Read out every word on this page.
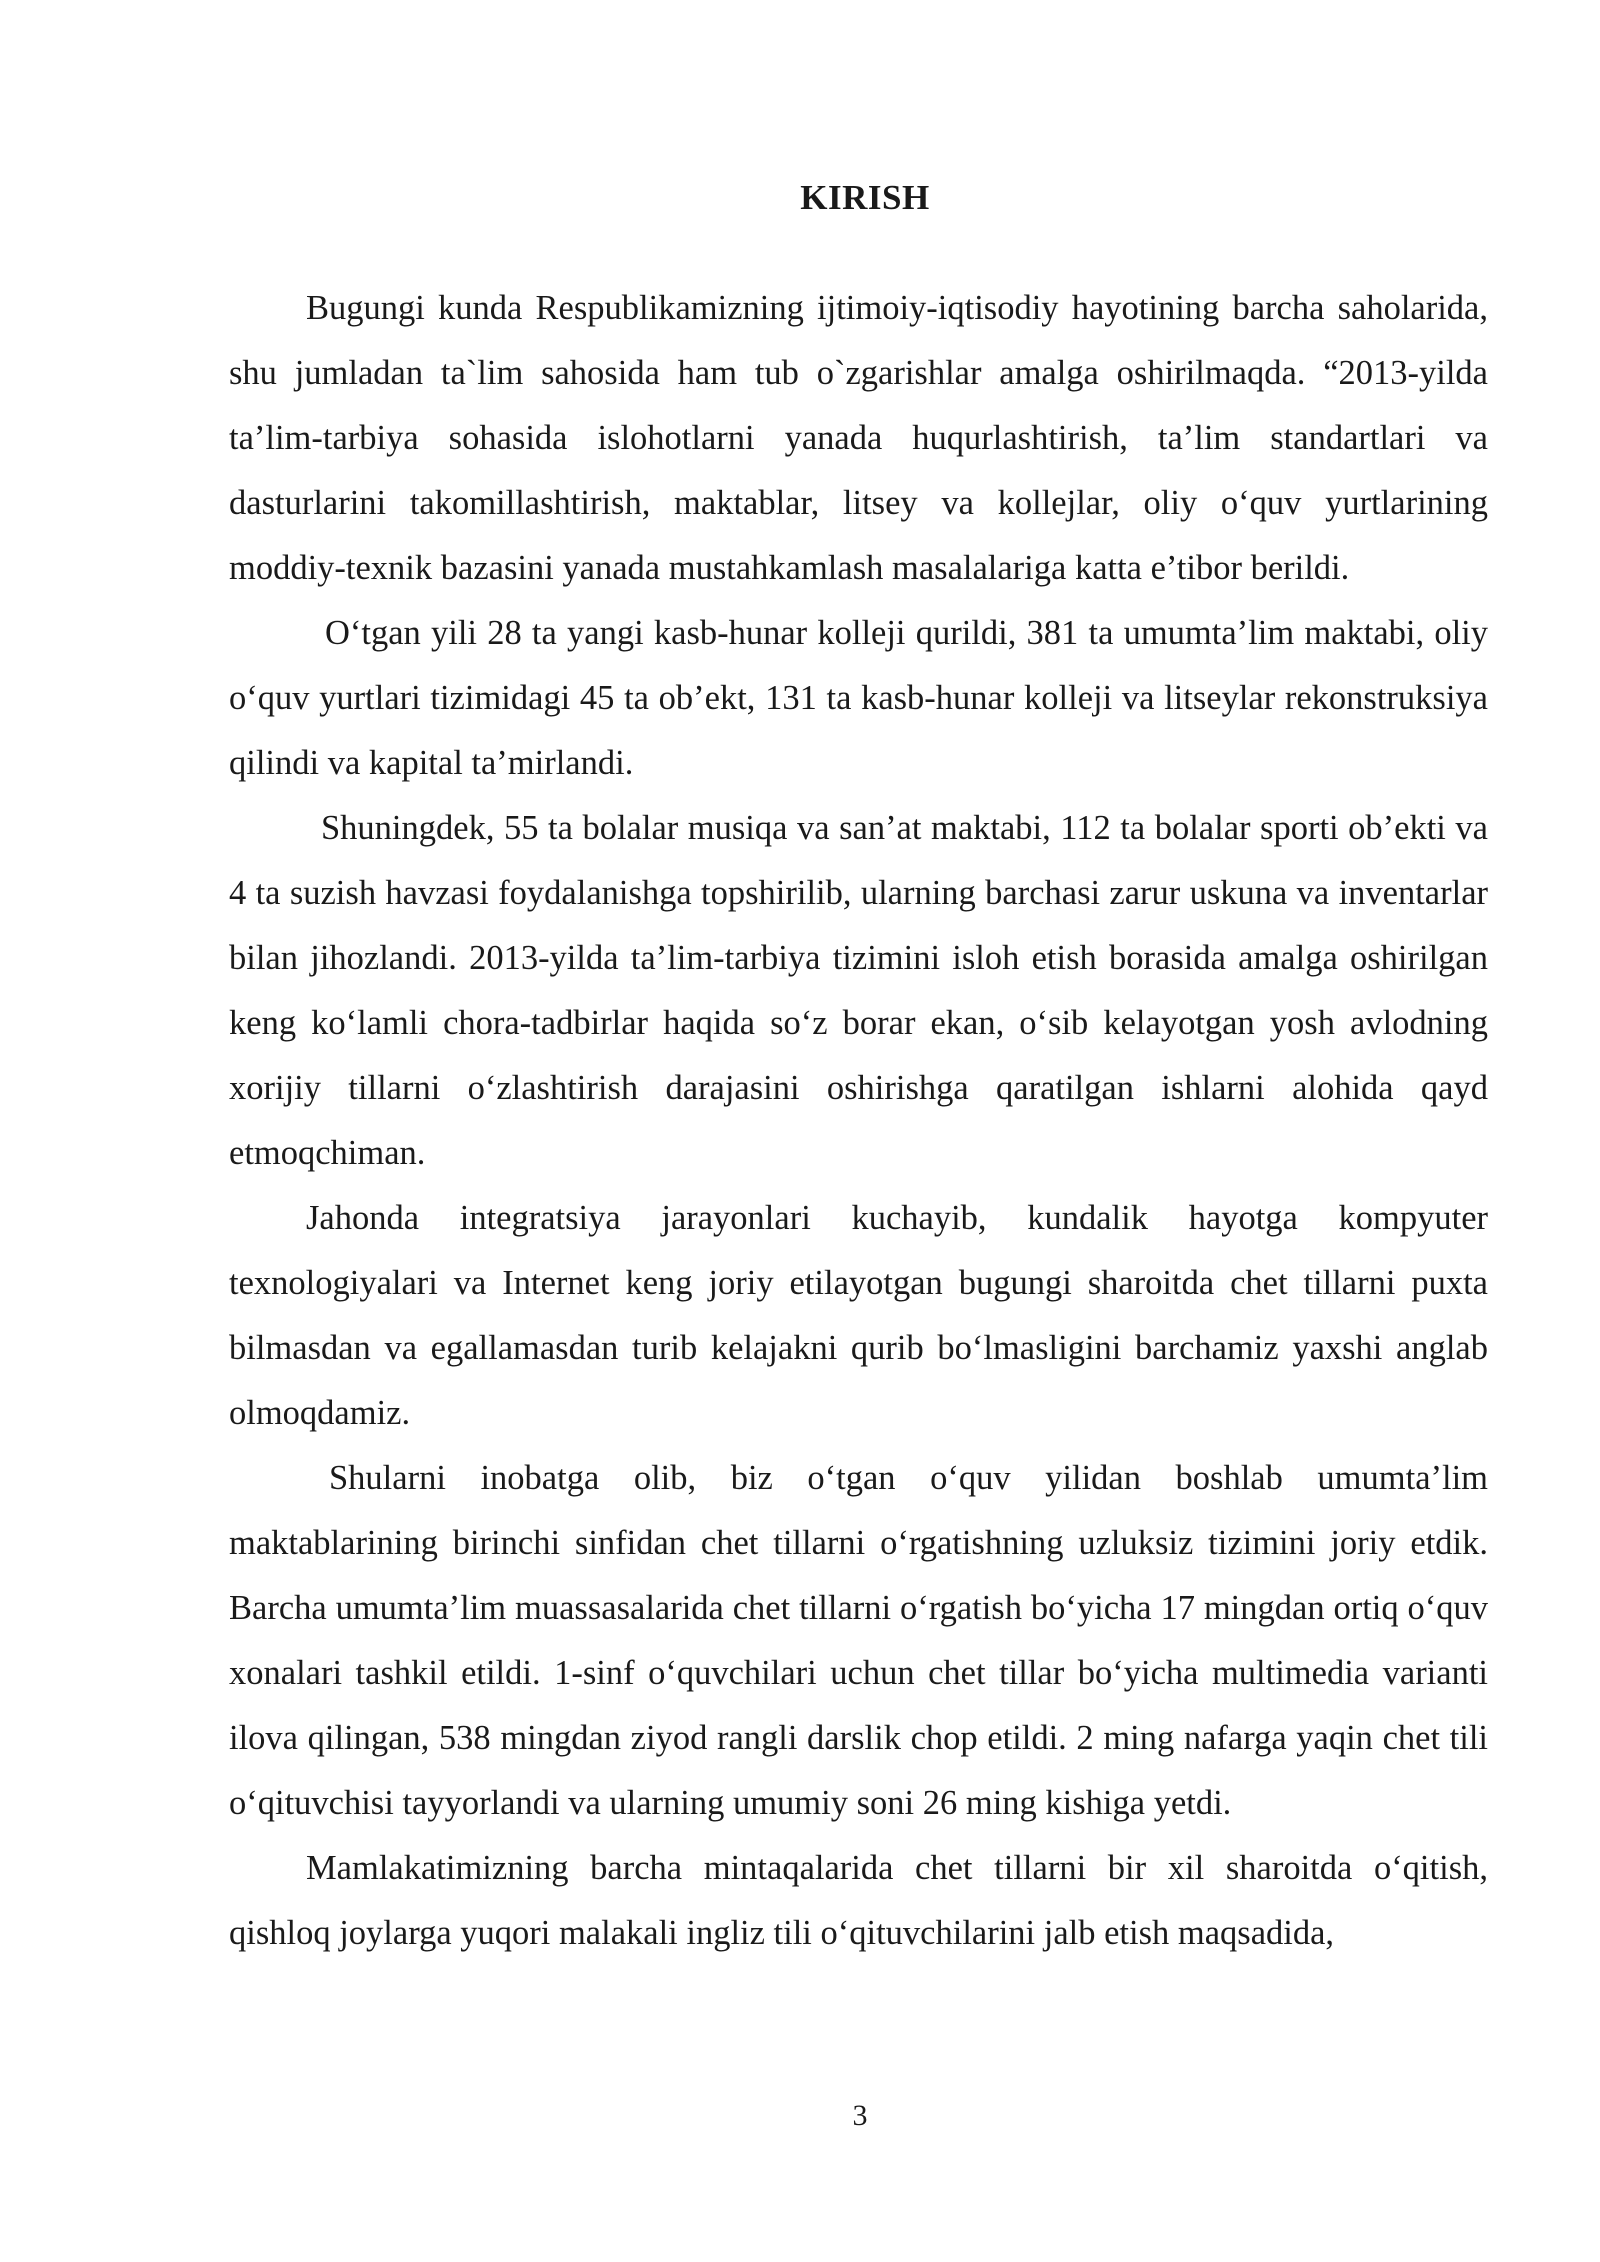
KIRISH

Bugungi kunda Respublikamizning ijtimoiy-iqtisodiy hayotining barcha saholarida, shu jumladan ta`lim sahosida ham tub o`zgarishlar amalga oshirilmaqda. “2013-yilda ta’lim-tarbiya sohasida islohotlarni yanada huqurlashtirish, ta’lim standartlari va dasturlarini takomillashtirish, maktablar, litsey va kollejlar, oliy o‘quv yurtlarining moddiy-texnik bazasini yanada mustahkamlash masalalariga katta e’tibor berildi.

O‘tgan yili 28 ta yangi kasb-hunar kolleji qurildi, 381 ta umumta’lim maktabi, oliy o‘quv yurtlari tizimidagi 45 ta ob’ekt, 131 ta kasb-hunar kolleji va litseylar rekonstruksiya qilindi va kapital ta’mirlandi.

Shuningdek, 55 ta bolalar musiqa va san’at maktabi, 112 ta bolalar sporti ob’ekti va 4 ta suzish havzasi foydalanishga topshirilib, ularning barchasi zarur uskuna va inventarlar bilan jihozlandi. 2013-yilda ta’lim-tarbiya tizimini isloh etish borasida amalga oshirilgan keng ko‘lamli chora-tadbirlar haqida so‘z borar ekan, o‘sib kelayotgan yosh avlodning xorijiy tillarni o‘zlashtirish darajasini oshirishga qaratilgan ishlarni alohida qayd etmoqchiman.

Jahonda integratsiya jarayonlari kuchayib, kundalik hayotga kompyuter texnologiyalari va Internet keng joriy etilayotgan bugungi sharoitda chet tillarni puxta bilmasdan va egallamasdan turib kelajakni qurib bo‘lmasligini barchamiz yaxshi anglab olmoqdamiz.

Shularni inobatga olib, biz o‘tgan o‘quv yilidan boshlab umumta’lim maktablarining birinchi sinfidan chet tillarni o‘rgatishning uzluksiz tizimini joriy etdik. Barcha umumta’lim muassasalarida chet tillarni o‘rgatish bo‘yicha 17 mingdan ortiq o‘quv xonalari tashkil etildi. 1-sinf o‘quvchilari uchun chet tillar bo‘yicha multimedia varianti ilova qilingan, 538 mingdan ziyod rangli darslik chop etildi. 2 ming nafarga yaqin chet tili o‘qituvchisi tayyorlandi va ularning umumiy soni 26 ming kishiga yetdi.

Mamlakatimizning barcha mintaqalarida chet tillarni bir xil sharoitda o‘qitish, qishloq joylarga yuqori malakali ingliz tili o‘qituvchilarini jalb etish maqsadida,

3
